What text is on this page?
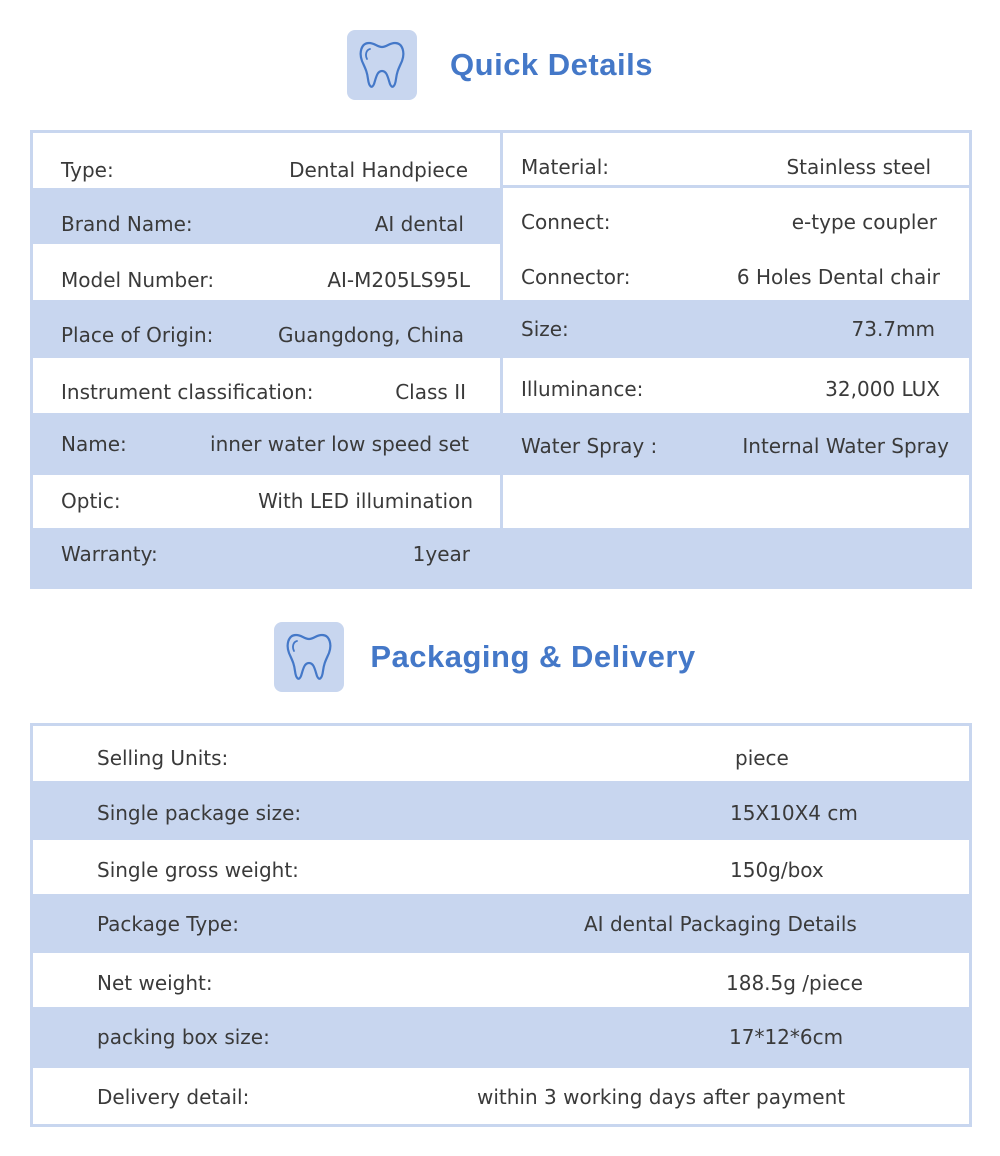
Quick Details
Type:	Dental Handpiece
Brand Name:	AI dental
Model Number:	AI-M205LS95L
Place of Origin:	Guangdong, China
Instrument classification:	Class II
Name:	inner water low speed set
Optic:	With LED illumination
Warranty:	1year
Material:	Stainless steel
Connect:	e-type coupler
Connector:	6 Holes Dental chair
Size:	73.7mm
Illuminance:	32,000 LUX
Water Spray :	Internal Water Spray
Packaging & Delivery
Selling Units:	piece
Single package size:	15X10X4 cm
Single gross weight:	150g/box
Package Type:	AI dental Packaging Details
Net weight:	188.5g /piece
packing box size:	17*12*6cm
Delivery detail:	within 3 working days after payment
